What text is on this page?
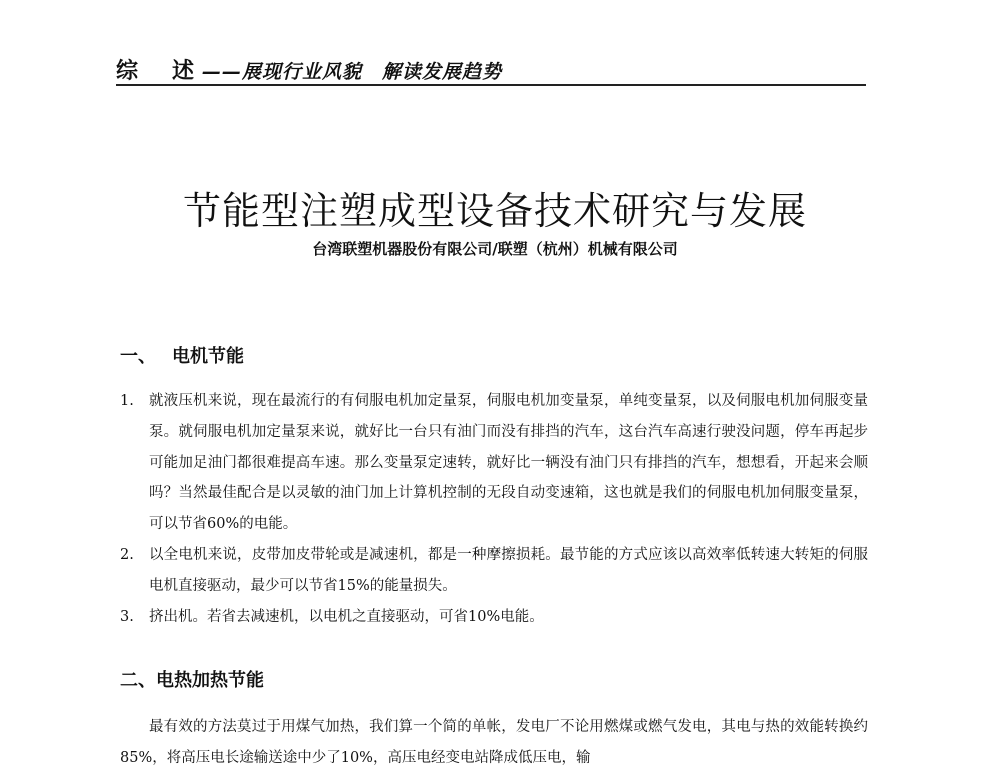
综　述 ——展现行业风貌　解读发展趋势
节能型注塑成型设备技术研究与发展
台湾联塑机器股份有限公司/联塑（杭州）机械有限公司
一、 电机节能
1. 就液压机来说，现在最流行的有伺服电机加定量泵，伺服电机加变量泵，单纯变量泵，以及伺服电机加伺服变量泵。就伺服电机加定量泵来说，就好比一台只有油门而没有排挡的汽车，这台汽车高速行驶没问题，停车再起步可能加足油门都很难提高车速。那么变量泵定速转，就好比一辆没有油门只有排挡的汽车，想想看，开起来会顺吗？当然最佳配合是以灵敏的油门加上计算机控制的无段自动变速箱，这也就是我们的伺服电机加伺服变量泵，可以节省60%的电能。
2. 以全电机来说，皮带加皮带轮或是减速机，都是一种摩擦损耗。最节能的方式应该以高效率低转速大转矩的伺服电机直接驱动，最少可以节省15%的能量损失。
3. 挤出机。若省去减速机，以电机之直接驱动，可省10%电能。
二、电热加热节能
最有效的方法莫过于用煤气加热，我们算一个简的单帐，发电厂不论用燃煤或燃气发电，其电与热的效能转换约85%，将高压电长途输送途中少了10%，高压电经变电站降成低压电，输
